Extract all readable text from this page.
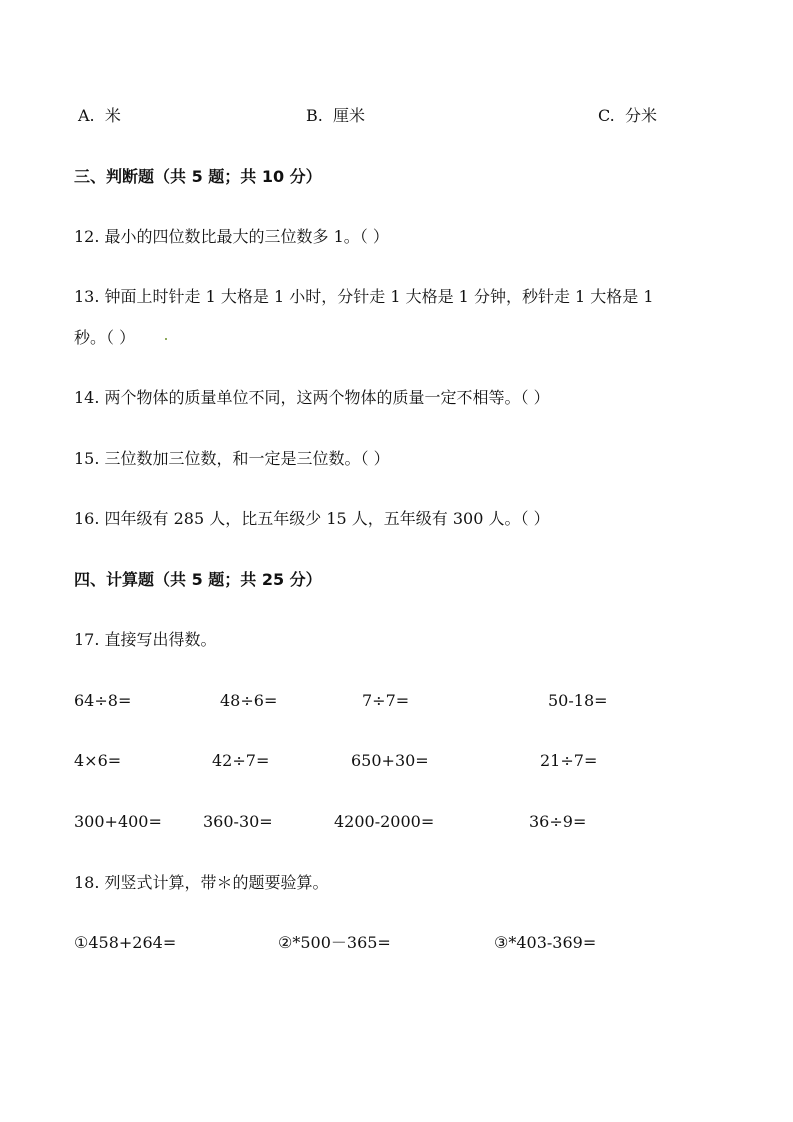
A. 米	B. 厘米	C. 分米
三、判断题（共 5 题；共 10 分）
12. 最小的四位数比最大的三位数多 1。（ ）
13. 钟面上时针走 1 大格是 1 小时，分针走 1 大格是 1 分钟，秒针走 1 大格是 1
秒。（ ）
14. 两个物体的质量单位不同，这两个物体的质量一定不相等。（ ）
15. 三位数加三位数，和一定是三位数。（ ）
16. 四年级有 285 人，比五年级少 15 人，五年级有 300 人。（ ）
四、计算题（共 5 题；共 25 分）
17. 直接写出得数。
64÷8=	48÷6=	7÷7=	50-18=
4×6=	42÷7=	650+30=	21÷7=
300+400=	360-30=	4200-2000=	36÷9=
18. 列竖式计算，带＊的题要验算。
①458+264=	②*500－365=	③*403-369=
